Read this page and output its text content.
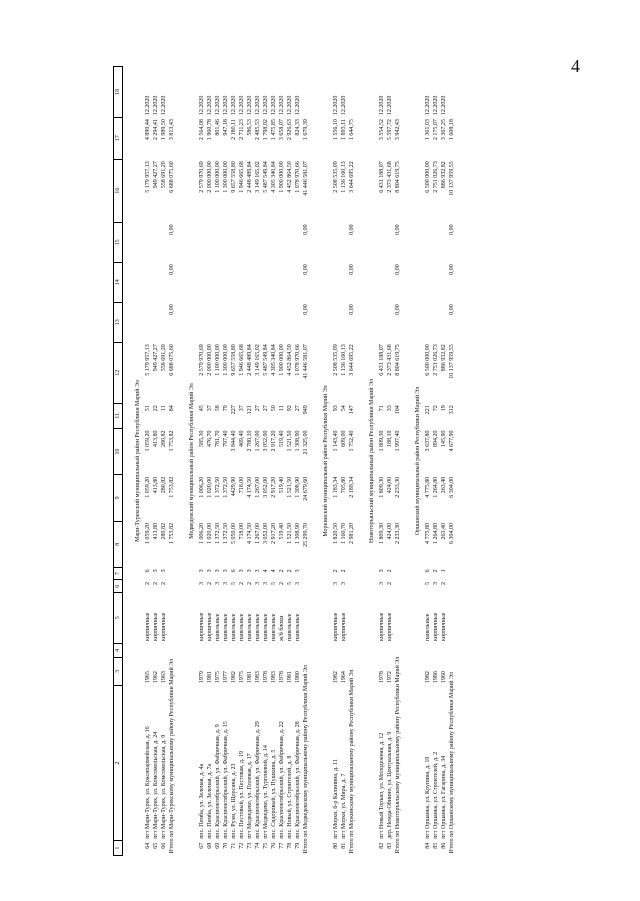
4
1	2	3	4	5	6	7	8	9	10	11	12	13	14	15	16	17	18

Мари-Турекский муниципальный район Республики Марий Эл																	
64	пгт Мари-Турек, ул. Красноармейская, д. 16	1965		кирпичные	2	6	1 059,20	1 059,20	1 059,20	51	5 179 957,13				5 179 957,13	4 890,44	12.2020
65	пгт Мари-Турек, ул. Комсомольская, д. 24	1962		кирпичные	2	3	413,80	413,80	413,80	22	949 427,27				949 427,27	2 294,41	12.2020
66	пгт Мари-Турек, ул. Комсомольская, д. 9	1963		кирпичные	2	3	280,82	280,82	280,82	11	558 691,20				558 691,20	1 989,50	12.2020
Итого по Мари-Турекскому муниципальному району Республики Марий Эл							1 753,82	1 753,82	1 753,82	84	6 688 075,60	0,00	0,00	0,00	6 688 075,60	3 813,43	

Медведевский муниципальный район Республики Марий Эл																	
67	пос. Пемба, ул. Зеленая, д. 4а	1979		кирпичные	3	3	1 006,20	1 006,20	585,30	45	2 579 970,69				2 579 970,69	2 564,08	12.2020
68	пос. Пемба, ул. Зеленая, д. 7а	1981		кирпичные	2	3	1 020,00	1 020,00	476,70	37	2 000 000,00				2 000 000,00	1 960,78	12.2020
69	пос. Краснооктябрьский, ул. Фабричная, д. 9	1975		панельные	3	3	1 372,50	1 372,50	781,70	58	1 100 000,00				1 100 000,00	801,46	12.2020
70	пос. Краснооктябрьский, ул. Фабричная, д. 15	1977		панельные	3	3	1 372,50	1 372,50	797,40	79	1 300 000,00				1 300 000,00	947,18	12.2020
71	пос. Руэм, ул. Щорсина, д. 23	1982		панельные	5	6	5 050,00	4429,90	3 844,40	227	9 657 558,80				9 657 558,80	2 180,11	12.2020
72	пос. Пестовый, ул. Пестовая, д. 19	1975		панельные	2	3	718,00	718,00	469,40	37	1 946 665,68				1 946 665,68	2 711,23	12.2020
73	пгт Медведево, ул. Полевая, д. 17	1981		панельные	2	3	4 174,50	4 174,50	2 780,10	121	2 448 489,84				2 448 489,84	586,53	12.2020
74	пос. Краснооктябрьский, ул. Фабричная, д. 29	1983		панельные	3	3	1 267,00	1 267,00	1 267,00	27	3 149 165,02				3 149 165,02	2 485,53	12.2020
75	пгт Медведево, ул. Тургеневой, д. 14	1978		панельные	3	4	3 052,00	3 052,00	3 052,00	27	5 487 549,84				5 487 549,84	1 798,02	12.2020
76	пос. Сидоровый, ул. Пушкина, д. 5	1983		панельные	5	4	2 917,20	2 917,20	2 917,20	50	4 305 340,84				4 305 340,84	1 475,85	12.2020
77	пос. Краснооктябрьский, ул. Фабричная, д. 22	1978		ж/б блоки	2	2	519,40	519,40	519,40	11	1 900 000,00				1 900 000,00	3 658,07	12.2020
78	пос. Новый, ул. Строителей, д. 8	1981		панельные	5	2	1 521,50	1 521,50	1 521,50	92	4 452 864,50				4 452 864,50	2 926,63	12.2020
79	пос. Краснооктябрьский, ул. Фабричная, д. 28	1980		панельные	3	3	1 308,90	1 308,90	1 308,90	27	1 078 970,66				1 078 970,66	824,33	12.2020
Итого по Медведевскому муниципальному району Республики Марий Эл							25 299,70	24 679,60	21 325,00	949	41 446 581,07	0,00	0,00	0,00	41 446 581,07	1 679,39	

Моркинский муниципальный район Республики Марий Эл																	
80	пгт Морки, б-р Калинина, д. 11	1982		кирпичные	3	2	1 820,50	1 183,34	1 143,40	93	2 508 535,09				2 508 535,09	1 556,10	12.2020
81	пгт Морки, ул. Мира, д. 7	1964		кирпичные	3	2	1 160,70	705,80	609,00	54	1 136 160,13				1 136 160,13	1 893,11	12.2020
Итого по Моркинскому муниципальному району Республики Марий Эл							2 981,20	2 189,34	1 752,40	147	3 644 695,22	0,00	0,00	0,00	3 644 695,22	1 644,75	

Новоторъяльский муниципальный район Республики Марий Эл																	
82	пгт Новый Торъял, ул. Молодежная, д. 12	1978		кирпичные	3	3	1 809,30	1 809,30	1 809,30	71	6 431 188,07				6 431 188,07	3 554,52	12.2020
83	дер. Немда-Обнино, ул. Центральная, д. 9	1972		кирпичные	2	2	424,00	424,00	188,10	33	2 373 431,68				2 373 431,68	5 597,72	12.2020
Итого по Новоторъяльскому муниципальному району Республики Марий Эл							2 233,30	2 233,30	1 997,40	104	8 804 619,75	0,00	0,00	0,00	8 804 619,75	3 942,43	

Оршанский муниципальный район Республики Марий Эл																	
84	пгт Оршанка, ул. Крупина, д. 10	1982		панельные	5	6	4 775,80	4 775,80	3 637,80	221	6 500 000,00				6 500 000,00	1 361,03	12.2020
85	пгт Оршанка, ул. Строителей, д. 2	1986		кирпичные	3	2	1 264,80	1 264,80	894,20	72	2 751 026,73				2 751 026,73	2 175,07	12.2020
86	пгт Оршанка, ул. Гагарина, д. 34	1960		кирпичные	2	1	263,40	263,40	145,90	19	886 932,82				886 932,82	3 367,25	12.2020
Итого по Оршанскому муниципальному району Республики Марий Эл							6 304,00	6 304,00	4 677,90	312	10 137 959,55	0,00	0,00	0,00	10 137 959,55	1 608,18	
